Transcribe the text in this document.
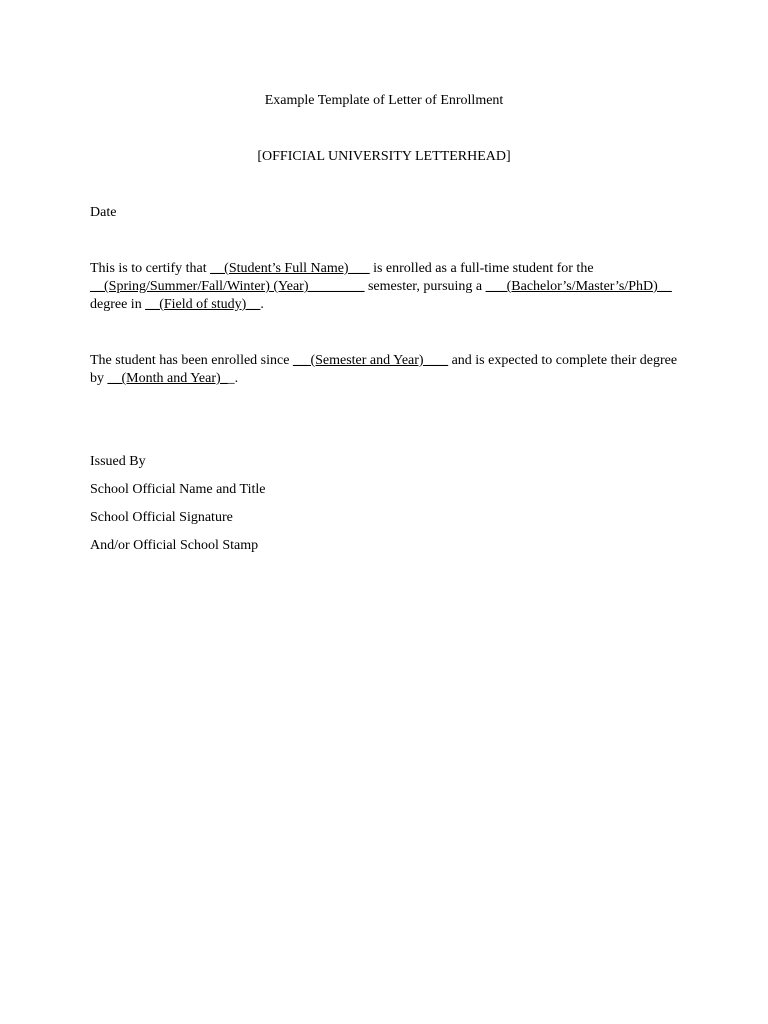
Example Template of Letter of Enrollment
[OFFICIAL UNIVERSITY LETTERHEAD]
Date
This is to certify that __(Student’s Full Name)___ is enrolled as a full-time student for the
__(Spring/Summer/Fall/Winter) (Year)________ semester, pursuing a ___(Bachelor’s/Master’s/PhD)__
degree in __(Field of study)__.
The student has been enrolled since __ (Semester and Year) ___ and is expected to complete their degree
by __(Month and Year)__.
Issued By
School Official Name and Title
School Official Signature
And/or Official School Stamp
